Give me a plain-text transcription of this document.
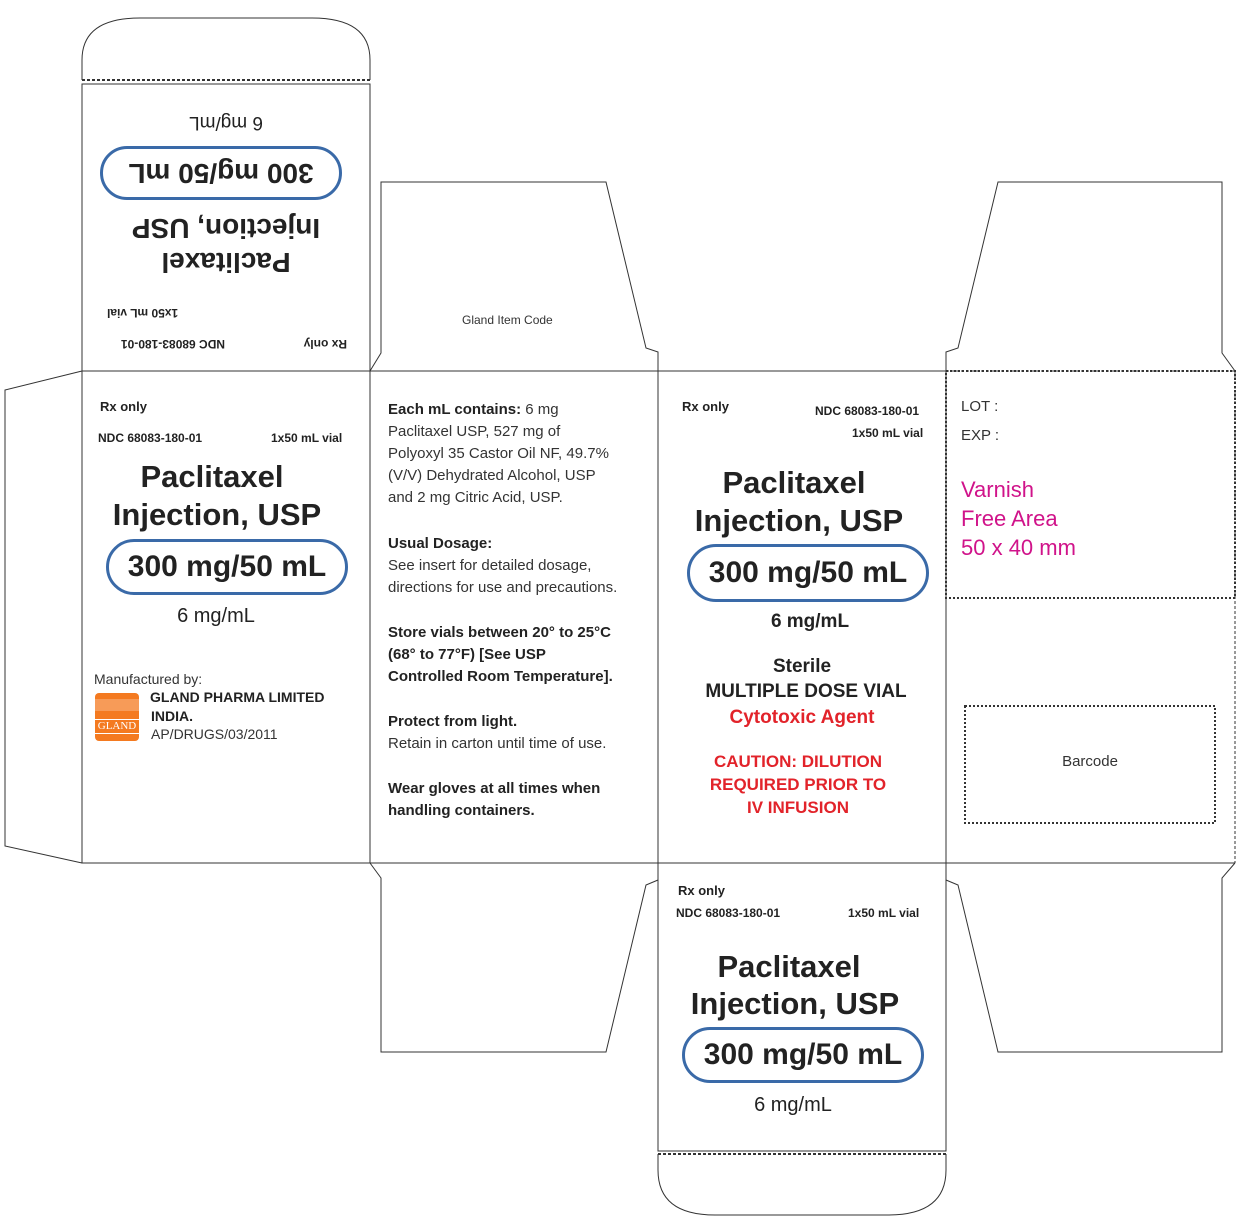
Rx only
NDC 68083-180-01
Paclitaxel
Injection, USP
300 mg/50 mL
6 mg/mL
1x50 mL vial	Gland Item Code
Rx only
NDC 68083-180-01	1x50 mL vial
Paclitaxel
Injection, USP
300 mg/50 mL
6 mg/mL
Manufactured by:
GLAND
GLAND PHARMA LIMITED
INDIA.
AP/DRUGS/03/2011
Each mL contains: 6 mg
Paclitaxel USP, 527 mg of
Polyoxyl 35 Castor Oil NF, 49.7%
(V/V) Dehydrated Alcohol, USP
and 2 mg Citric Acid, USP.
Usual Dosage:
See insert for detailed dosage,
directions for use and precautions.
Store vials between 20° to 25°C
(68° to 77°F) [See USP
Controlled Room Temperature].
Protect from light.
Retain in carton until time of use.
Wear gloves at all times when
handling containers.
Rx only	NDC 68083-180-01
1x50 mL vial
Paclitaxel
Injection, USP
300 mg/50 mL
6 mg/mL
Sterile
MULTIPLE DOSE VIAL
Cytotoxic Agent
CAUTION: DILUTION
REQUIRED PRIOR TO
IV INFUSION
LOT :
EXP :
Varnish
Free Area
50 x 40 mm
Barcode
Rx only
NDC 68083-180-01	1x50 mL vial
Paclitaxel
Injection, USP
300 mg/50 mL
6 mg/mL
